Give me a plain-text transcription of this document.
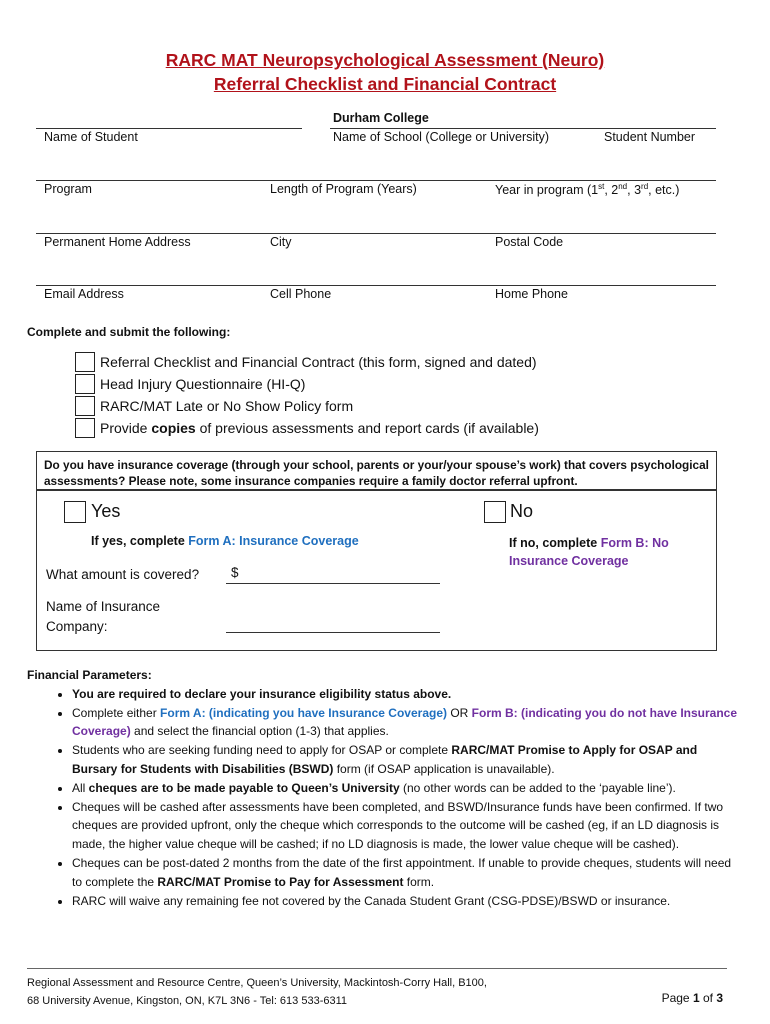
RARC MAT Neuropsychological Assessment (Neuro)
Referral Checklist and Financial Contract
Durham College
Name of Student	Name of School (College or University)	Student Number
Program	Length of Program (Years)	Year in program (1st, 2nd, 3rd, etc.)
Permanent Home Address	City	Postal Code
Email Address	Cell Phone	Home Phone
Complete and submit the following:
Referral Checklist and Financial Contract (this form, signed and dated)
Head Injury Questionnaire (HI-Q)
RARC/MAT Late or No Show Policy form
Provide copies of previous assessments and report cards (if available)
Do you have insurance coverage (through your school, parents or your/your spouse’s work) that covers psychological assessments? Please note, some insurance companies require a family doctor referral upfront.
Yes	No
If yes, complete Form A: Insurance Coverage	If no, complete Form B: No
Insurance Coverage
What amount is covered? $
Name of Insurance
Company:
Financial Parameters:
• You are required to declare your insurance eligibility status above.
• Complete either Form A: (indicating you have Insurance Coverage) OR Form B: (indicating you do not have Insurance Coverage) and select the financial option (1-3) that applies.
• Students who are seeking funding need to apply for OSAP or complete RARC/MAT Promise to Apply for OSAP and Bursary for Students with Disabilities (BSWD) form (if OSAP application is unavailable).
• All cheques are to be made payable to Queen’s University (no other words can be added to the ‘payable line’).
• Cheques will be cashed after assessments have been completed, and BSWD/Insurance funds have been confirmed. If two cheques are provided upfront, only the cheque which corresponds to the outcome will be cashed (eg, if an LD diagnosis is made, the higher value cheque will be cashed; if no LD diagnosis is made, the lower value cheque will be cashed).
• Cheques can be post-dated 2 months from the date of the first appointment. If unable to provide cheques, students will need to complete the RARC/MAT Promise to Pay for Assessment form.
• RARC will waive any remaining fee not covered by the Canada Student Grant (CSG-PDSE)/BSWD or insurance.
Regional Assessment and Resource Centre, Queen’s University, Mackintosh-Corry Hall, B100,
68 University Avenue, Kingston, ON, K7L 3N6 - Tel: 613 533-6311	Page 1 of 3
